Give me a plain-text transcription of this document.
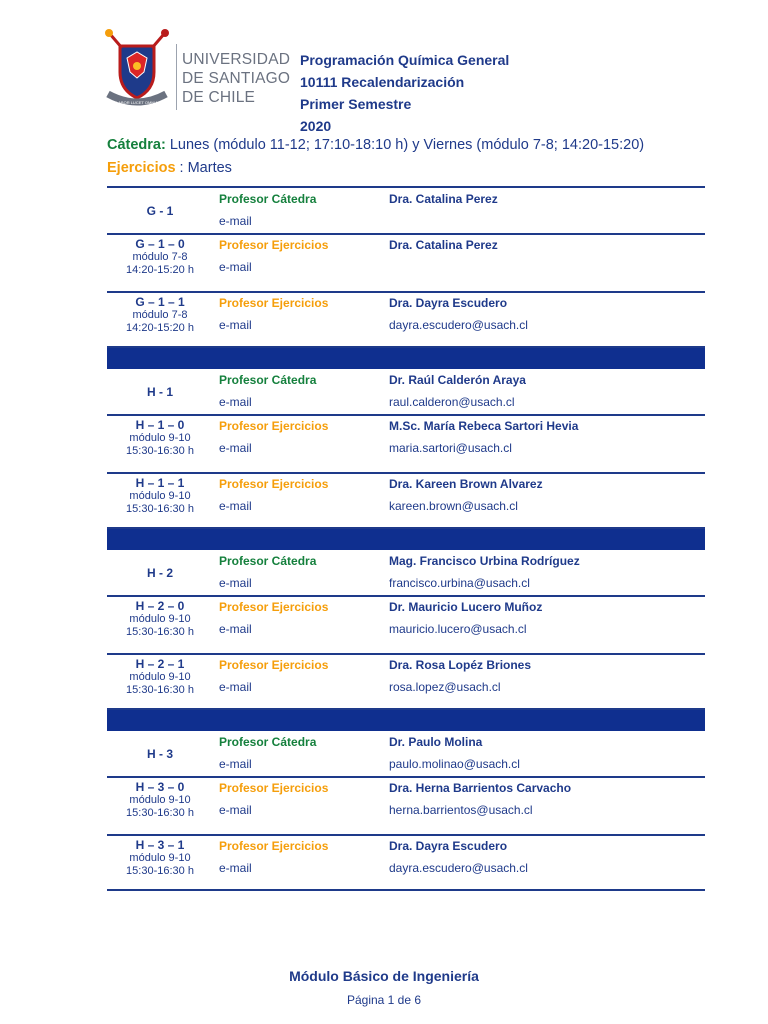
LABOR LUCET OMNIA
UNIVERSIDAD
DE SANTIAGO
DE CHILE
Programación Química General
10111 Recalendarización
Primer Semestre
2020
Cátedra: Lunes (módulo 11-12; 17:10-18:10 h) y Viernes (módulo 7-8; 14:20-15:20)
Ejercicios : Martes
G - 1
Profesor Cátedra
e-mail
Dra. Catalina Perez
G – 1 – 0
módulo 7-8
14:20-15:20 h
Profesor Ejercicios
e-mail
Dra. Catalina Perez
G – 1 – 1
módulo 7-8
14:20-15:20 h
Profesor Ejercicios
e-mail
Dra. Dayra Escudero
dayra.escudero@usach.cl
H - 1
Profesor Cátedra
e-mail
Dr. Raúl Calderón Araya
raul.calderon@usach.cl
H – 1 – 0
módulo 9-10
15:30-16:30 h
Profesor Ejercicios
e-mail
M.Sc. María Rebeca Sartori Hevia
maria.sartori@usach.cl
H – 1 – 1
módulo 9-10
15:30-16:30 h
Profesor Ejercicios
e-mail
Dra. Kareen Brown Alvarez
kareen.brown@usach.cl
H - 2
Profesor Cátedra
e-mail
Mag. Francisco Urbina Rodríguez
francisco.urbina@usach.cl
H – 2 – 0
módulo 9-10
15:30-16:30 h
Profesor Ejercicios
e-mail
Dr. Mauricio Lucero Muñoz
mauricio.lucero@usach.cl
H – 2 – 1
módulo 9-10
15:30-16:30 h
Profesor Ejercicios
e-mail
Dra. Rosa Lopéz Briones
rosa.lopez@usach.cl
H - 3
Profesor Cátedra
e-mail
Dr. Paulo Molina
paulo.molinao@usach.cl
H – 3 – 0
módulo 9-10
15:30-16:30 h
Profesor Ejercicios
e-mail
Dra. Herna Barrientos Carvacho
herna.barrientos@usach.cl
H – 3 – 1
módulo 9-10
15:30-16:30 h
Profesor Ejercicios
e-mail
Dra. Dayra Escudero
dayra.escudero@usach.cl
Módulo Básico de Ingeniería
Página 1 de 6
